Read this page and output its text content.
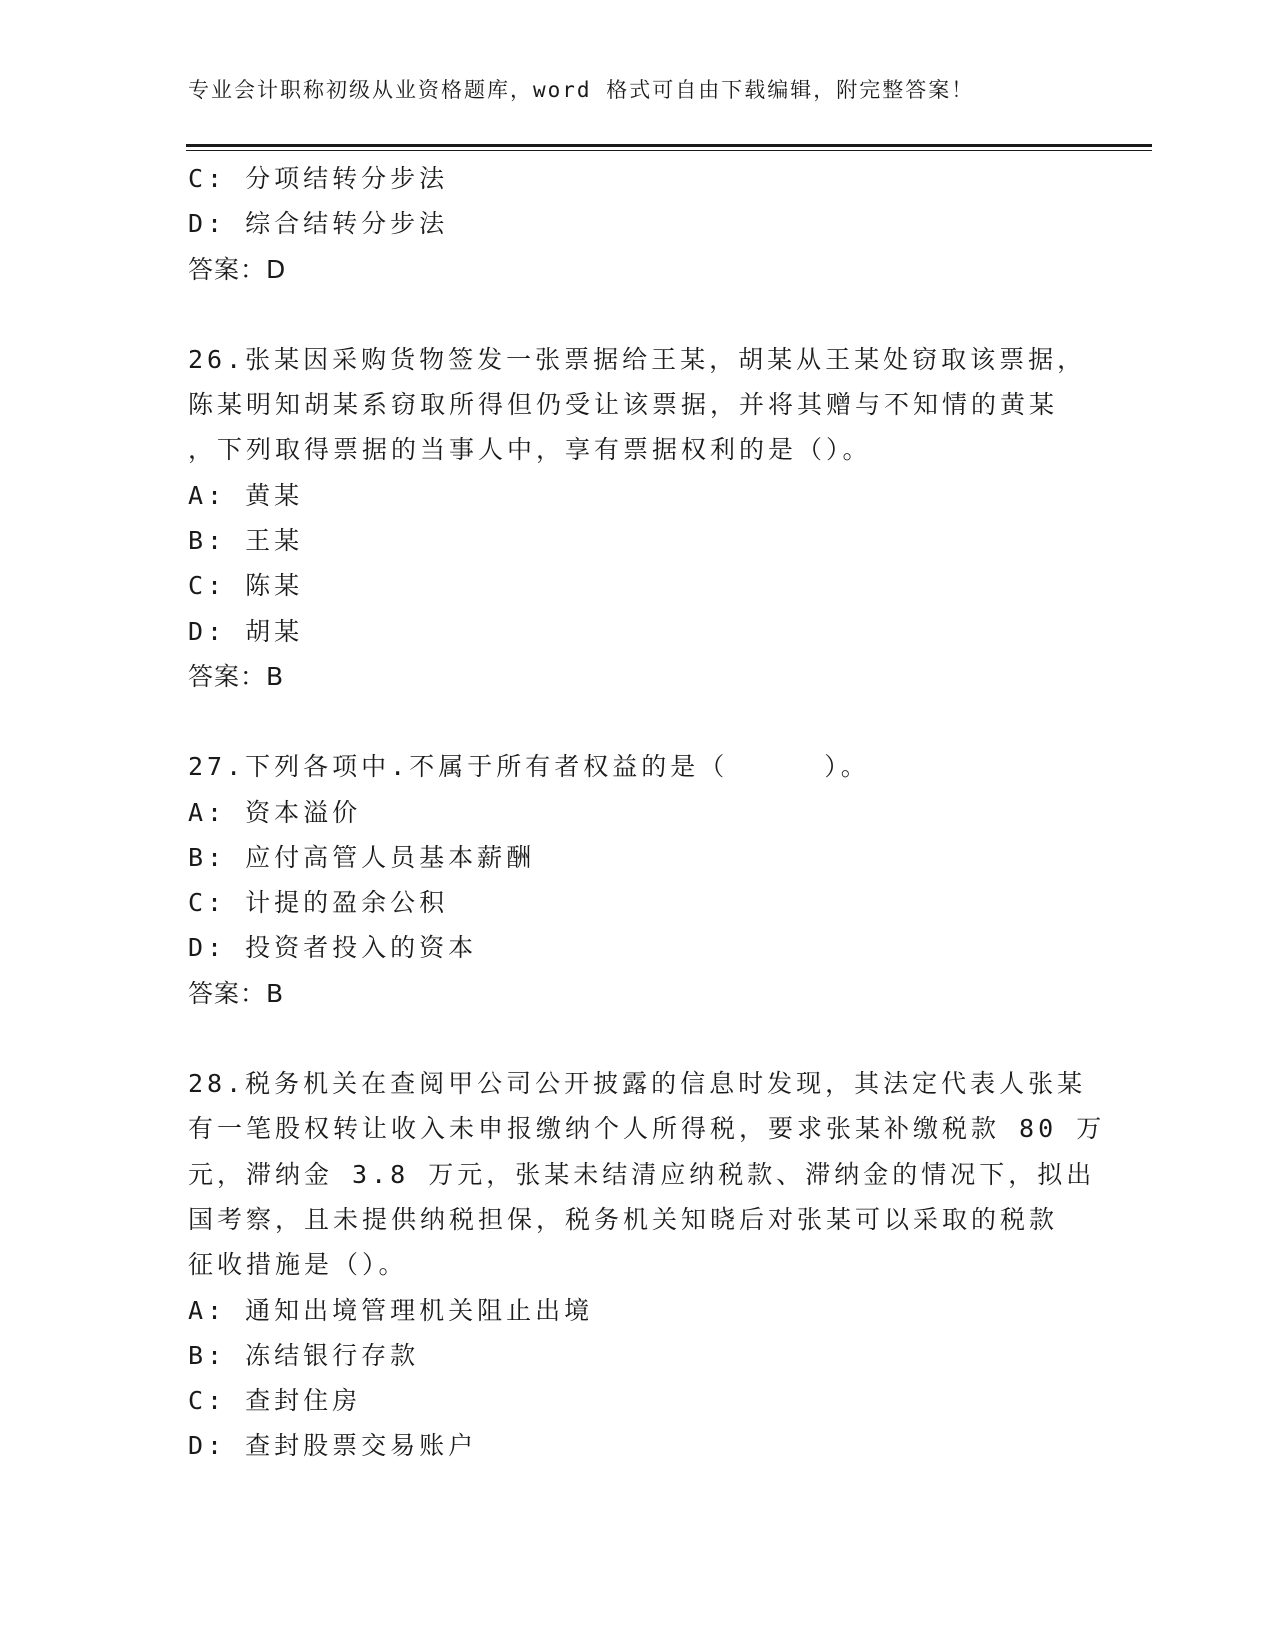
专业会计职称初级从业资格题库，word 格式可自由下载编辑，附完整答案！
C: 分项结转分步法
D: 综合结转分步法
答案：D
26.张某因采购货物签发一张票据给王某，胡某从王某处窃取该票据，
陈某明知胡某系窃取所得但仍受让该票据，并将其赠与不知情的黄某
，下列取得票据的当事人中，享有票据权利的是（）。
A: 黄某
B: 王某
C: 陈某
D: 胡某
答案：B
27.下列各项中.不属于所有者权益的是（	）。
A: 资本溢价
B: 应付高管人员基本薪酬
C: 计提的盈余公积
D: 投资者投入的资本
答案：B
28.税务机关在查阅甲公司公开披露的信息时发现，其法定代表人张某
有一笔股权转让收入未申报缴纳个人所得税，要求张某补缴税款 80 万
元，滞纳金 3.8 万元，张某未结清应纳税款、滞纳金的情况下，拟出
国考察，且未提供纳税担保，税务机关知晓后对张某可以采取的税款
征收措施是（）。
A: 通知出境管理机关阻止出境
B: 冻结银行存款
C: 查封住房
D: 查封股票交易账户
